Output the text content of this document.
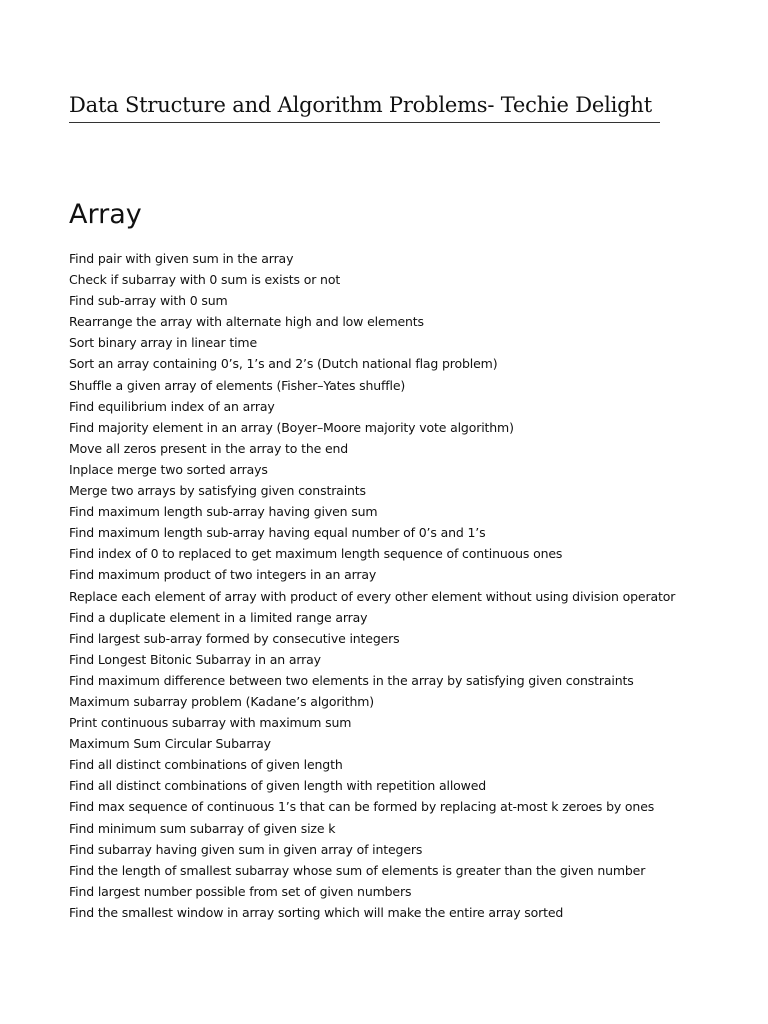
Data Structure and Algorithm Problems- Techie Delight
Array
Find pair with given sum in the array
Check if subarray with 0 sum is exists or not
Find sub-array with 0 sum
Rearrange the array with alternate high and low elements
Sort binary array in linear time
Sort an array containing 0’s, 1’s and 2’s (Dutch national flag problem)
Shuffle a given array of elements (Fisher–Yates shuffle)
Find equilibrium index of an array
Find majority element in an array (Boyer–Moore majority vote algorithm)
Move all zeros present in the array to the end
Inplace merge two sorted arrays
Merge two arrays by satisfying given constraints
Find maximum length sub-array having given sum
Find maximum length sub-array having equal number of 0’s and 1’s
Find index of 0 to replaced to get maximum length sequence of continuous ones
Find maximum product of two integers in an array
Replace each element of array with product of every other element without using division operator
Find a duplicate element in a limited range array
Find largest sub-array formed by consecutive integers
Find Longest Bitonic Subarray in an array
Find maximum difference between two elements in the array by satisfying given constraints
Maximum subarray problem (Kadane’s algorithm)
Print continuous subarray with maximum sum
Maximum Sum Circular Subarray
Find all distinct combinations of given length
Find all distinct combinations of given length with repetition allowed
Find max sequence of continuous 1’s that can be formed by replacing at-most k zeroes by ones
Find minimum sum subarray of given size k
Find subarray having given sum in given array of integers
Find the length of smallest subarray whose sum of elements is greater than the given number
Find largest number possible from set of given numbers
Find the smallest window in array sorting which will make the entire array sorted
